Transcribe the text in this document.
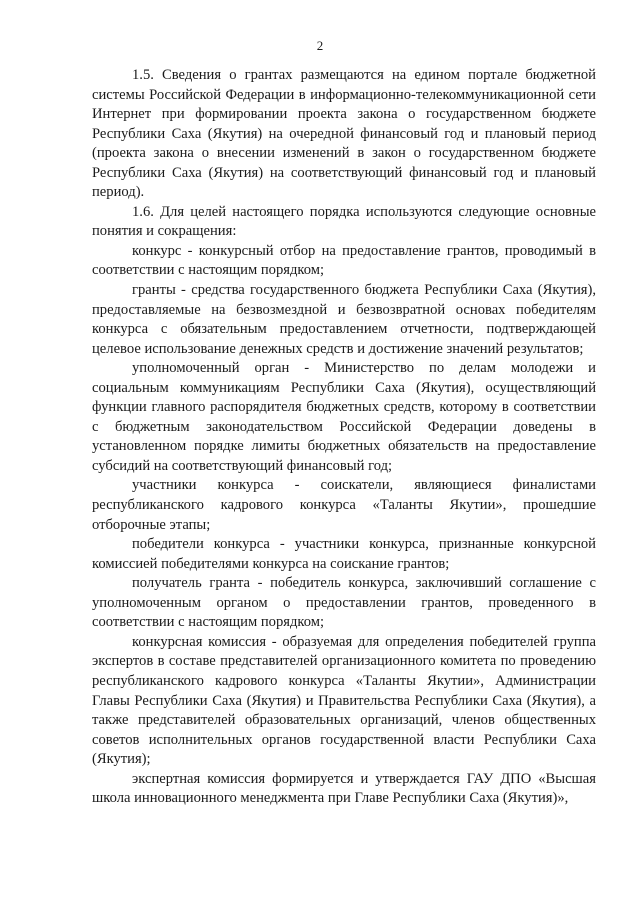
2

1.5. Сведения о грантах размещаются на едином портале бюджетной системы Российской Федерации в информационно-телекоммуникационной сети Интернет при формировании проекта закона о государственном бюджете Республики Саха (Якутия) на очередной финансовый год и плановый период (проекта закона о внесении изменений в закон о государственном бюджете Республики Саха (Якутия) на соответствующий финансовый год и плановый период).

1.6. Для целей настоящего порядка используются следующие основные понятия и сокращения:

конкурс - конкурсный отбор на предоставление грантов, проводимый в соответствии с настоящим порядком;

гранты - средства государственного бюджета Республики Саха (Якутия), предоставляемые на безвозмездной и безвозвратной основах победителям конкурса с обязательным предоставлением отчетности, подтверждающей целевое использование денежных средств и достижение значений результатов;

уполномоченный орган - Министерство по делам молодежи и социальным коммуникациям Республики Саха (Якутия), осуществляющий функции главного распорядителя бюджетных средств, которому в соответствии с бюджетным законодательством Российской Федерации доведены в установленном порядке лимиты бюджетных обязательств на предоставление субсидий на соответствующий финансовый год;

участники конкурса - соискатели, являющиеся финалистами республиканского кадрового конкурса «Таланты Якутии», прошедшие отборочные этапы;

победители конкурса - участники конкурса, признанные конкурсной комиссией победителями конкурса на соискание грантов;

получатель гранта - победитель конкурса, заключивший соглашение с уполномоченным органом о предоставлении грантов, проведенного в соответствии с настоящим порядком;

конкурсная комиссия - образуемая для определения победителей группа экспертов в составе представителей организационного комитета по проведению республиканского кадрового конкурса «Таланты Якутии», Администрации Главы Республики Саха (Якутия) и Правительства Республики Саха (Якутия), а также представителей образовательных организаций, членов общественных советов исполнительных органов государственной власти Республики Саха (Якутия);

экспертная комиссия формируется и утверждается ГАУ ДПО «Высшая школа инновационного менеджмента при Главе Республики Саха (Якутия)»,
